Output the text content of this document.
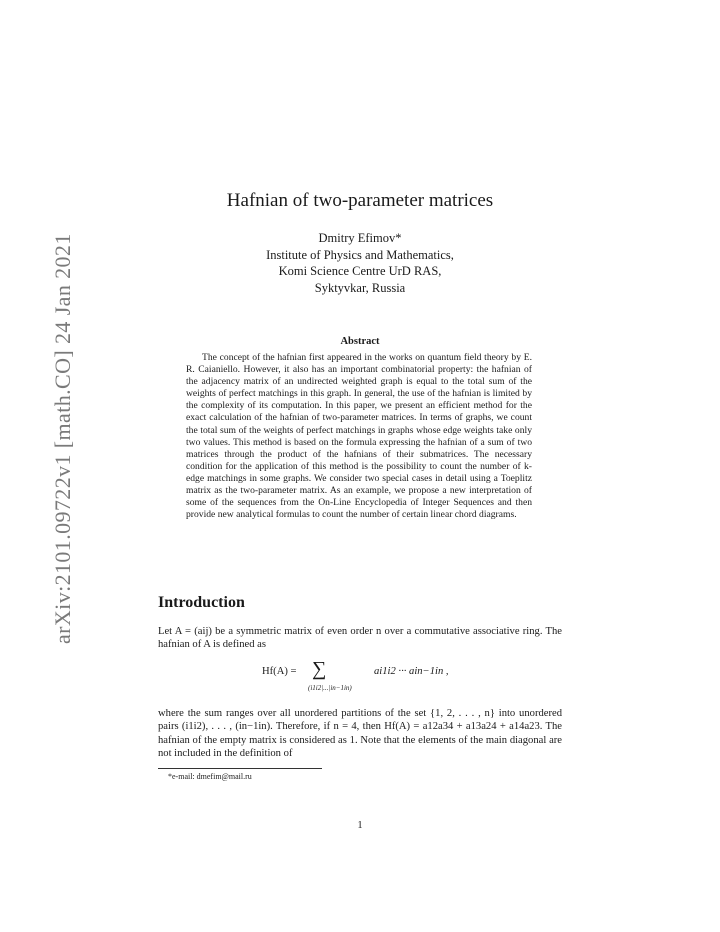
arXiv:2101.09722v1 [math.CO] 24 Jan 2021
Hafnian of two-parameter matrices
Dmitry Efimov*
Institute of Physics and Mathematics,
Komi Science Centre UrD RAS,
Syktyvkar, Russia
Abstract
The concept of the hafnian first appeared in the works on quantum field theory by E. R. Caianiello. However, it also has an important combinatorial property: the hafnian of the adjacency matrix of an undirected weighted graph is equal to the total sum of the weights of perfect matchings in this graph. In general, the use of the hafnian is limited by the complexity of its computation. In this paper, we present an efficient method for the exact calculation of the hafnian of two-parameter matrices. In terms of graphs, we count the total sum of the weights of perfect matchings in graphs whose edge weights take only two values. This method is based on the formula expressing the hafnian of a sum of two matrices through the product of the hafnians of their submatrices. The necessary condition for the application of this method is the possibility to count the number of k-edge matchings in some graphs. We consider two special cases in detail using a Toeplitz matrix as the two-parameter matrix. As an example, we propose a new interpretation of some of the sequences from the On-Line Encyclopedia of Integer Sequences and then provide new analytical formulas to count the number of certain linear chord diagrams.
Introduction
Let A = (aij) be a symmetric matrix of even order n over a commutative associative ring. The hafnian of A is defined as
Hf(A) = ∑
(i1i2|...|in−1in)
ai1i2 ··· ain−1in ,
where the sum ranges over all unordered partitions of the set {1, 2, . . . , n} into unordered pairs (i1i2), . . . , (in−1in). Therefore, if n = 4, then Hf(A) = a12a34 + a13a24 + a14a23. The hafnian of the empty matrix is considered as 1. Note that the elements of the main diagonal are not included in the definition of
*e-mail: dmefim@mail.ru
1
